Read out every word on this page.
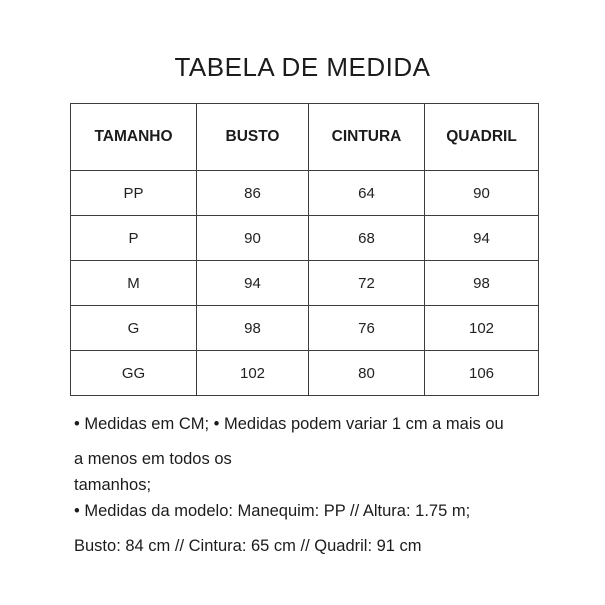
TABELA DE MEDIDA
TAMANHO	BUSTO	CINTURA	QUADRIL
PP	86	64	90
P	90	68	94
M	94	72	98
G	98	76	102
GG	102	80	106

• Medidas em CM; • Medidas podem variar 1 cm a mais ou

a menos em todos os

tamanhos;

• Medidas da modelo: Manequim: PP // Altura: 1.75 m;

Busto: 84 cm // Cintura: 65 cm // Quadril: 91 cm
